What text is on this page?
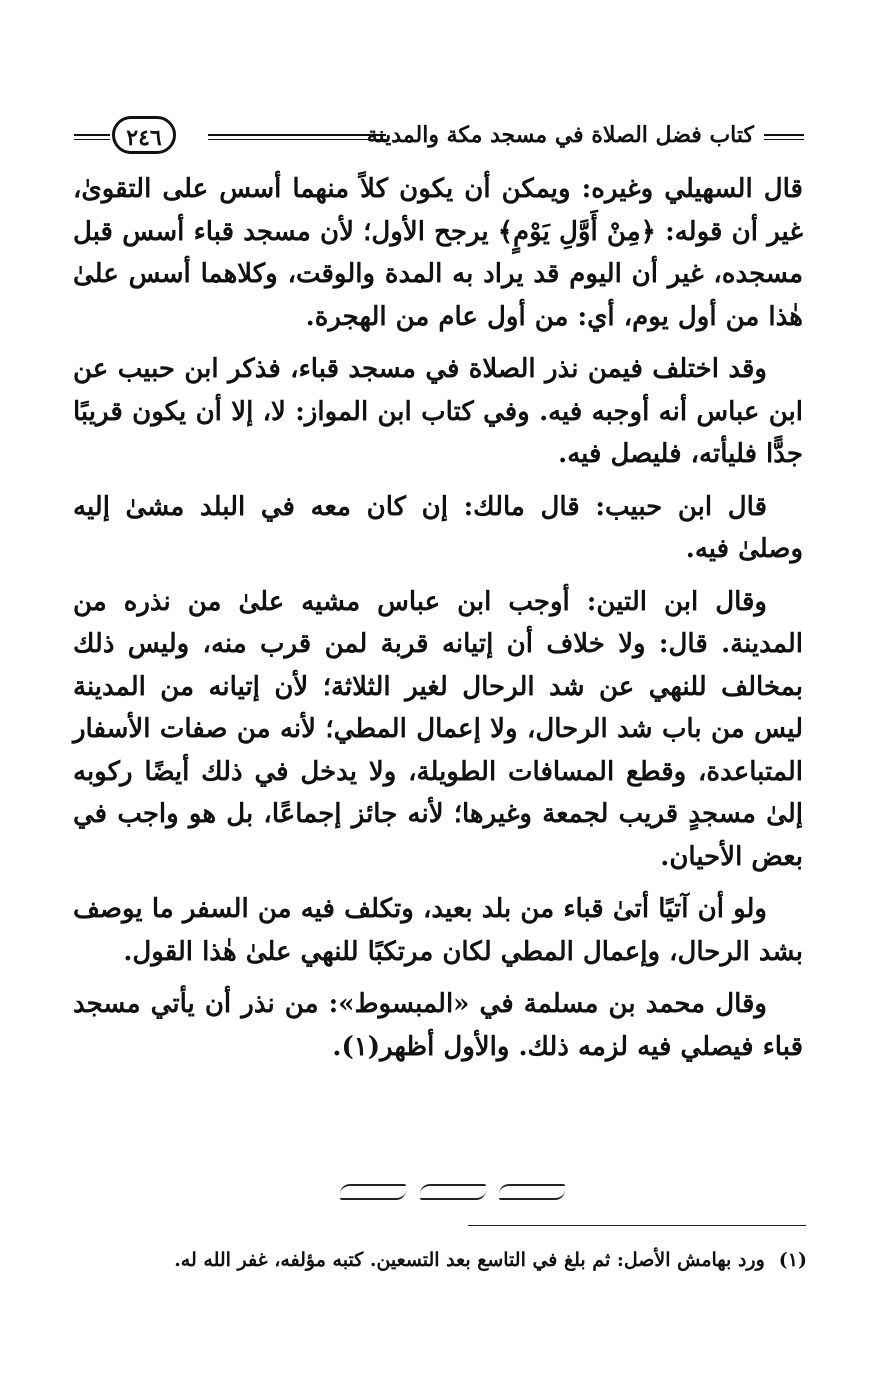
كتاب فضل الصلاة في مسجد مكة والمدينة
٢٤٦

قال السهيلي وغيره: ويمكن أن يكون كلاً منهما أسس على التقوىٰ، غير أن قوله: ﴿مِنْ أَوَّلِ يَوْمٍ﴾ يرجح الأول؛ لأن مسجد قباء أسس قبل مسجده، غير أن اليوم قد يراد به المدة والوقت، وكلاهما أسس علىٰ هٰذا من أول يوم، أي: من أول عام من الهجرة.

وقد اختلف فيمن نذر الصلاة في مسجد قباء، فذكر ابن حبيب عن ابن عباس أنه أوجبه فيه. وفي كتاب ابن المواز: لا، إلا أن يكون قريبًا جدًّا فليأته، فليصل فيه.

قال ابن حبيب: قال مالك: إن كان معه في البلد مشىٰ إليه وصلىٰ فيه.

وقال ابن التين: أوجب ابن عباس مشيه علىٰ من نذره من المدينة. قال: ولا خلاف أن إتيانه قربة لمن قرب منه، وليس ذلك بمخالف للنهي عن شد الرحال لغير الثلاثة؛ لأن إتيانه من المدينة ليس من باب شد الرحال، ولا إعمال المطي؛ لأنه من صفات الأسفار المتباعدة، وقطع المسافات الطويلة، ولا يدخل في ذلك أيضًا ركوبه إلىٰ مسجدٍ قريب لجمعة وغيرها؛ لأنه جائز إجماعًا، بل هو واجب في بعض الأحيان.

ولو أن آتيًا أتىٰ قباء من بلد بعيد، وتكلف فيه من السفر ما يوصف بشد الرحال، وإعمال المطي لكان مرتكبًا للنهي علىٰ هٰذا القول.

وقال محمد بن مسلمة في «المبسوط»: من نذر أن يأتي مسجد قباء فيصلي فيه لزمه ذلك. والأول أظهر(١).

(١)ورد بهامش الأصل: ثم بلغ في التاسع بعد التسعين. كتبه مؤلفه، غفر الله له.
